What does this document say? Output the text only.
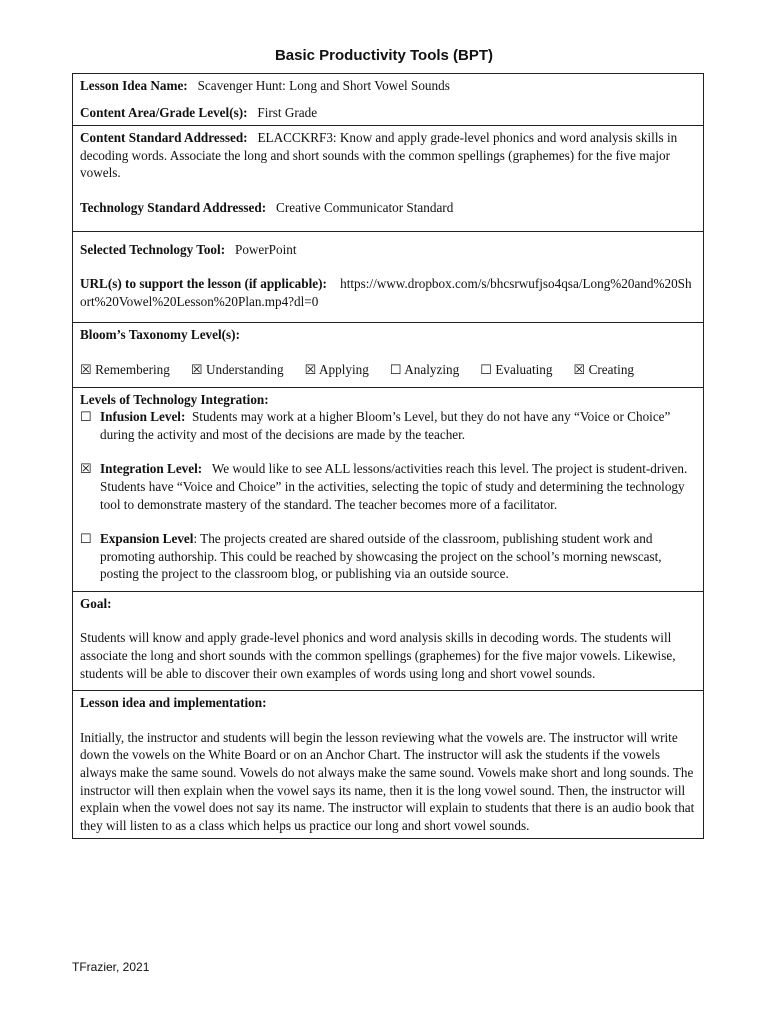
Basic Productivity Tools (BPT)

Lesson Idea Name: Scavenger Hunt: Long and Short Vowel Sounds

Content Area/Grade Level(s): First Grade

Content Standard Addressed: ELACCKRF3: Know and apply grade-level phonics and word analysis skills in decoding words. Associate the long and short sounds with the common spellings (graphemes) for the five major vowels.

Technology Standard Addressed: Creative Communicator Standard

Selected Technology Tool: PowerPoint

URL(s) to support the lesson (if applicable): https://www.dropbox.com/s/bhcsrwufjso4qsa/Long%20and%20Short%20Vowel%20Lesson%20Plan.mp4?dl=0

Bloom’s Taxonomy Level(s):

☒ Remembering ☒ Understanding ☒ Applying ☐ Analyzing ☐ Evaluating ☒ Creating

Levels of Technology Integration:

☐ Infusion Level: Students may work at a higher Bloom’s Level, but they do not have any “Voice or Choice” during the activity and most of the decisions are made by the teacher.
☒ Integration Level: We would like to see ALL lessons/activities reach this level. The project is student-driven. Students have “Voice and Choice” in the activities, selecting the topic of study and determining the technology tool to demonstrate mastery of the standard. The teacher becomes more of a facilitator.
☐ Expansion Level: The projects created are shared outside of the classroom, publishing student work and promoting authorship. This could be reached by showcasing the project on the school’s morning newscast, posting the project to the classroom blog, or publishing via an outside source.

Goal:

Students will know and apply grade-level phonics and word analysis skills in decoding words. The students will associate the long and short sounds with the common spellings (graphemes) for the five major vowels. Likewise, students will be able to discover their own examples of words using long and short vowel sounds.

Lesson idea and implementation:

Initially, the instructor and students will begin the lesson reviewing what the vowels are. The instructor will write down the vowels on the White Board or on an Anchor Chart. The instructor will ask the students if the vowels always make the same sound. Vowels do not always make the same sound. Vowels make short and long sounds. The instructor will then explain when the vowel says its name, then it is the long vowel sound. Then, the instructor will explain when the vowel does not say its name. The instructor will explain to students that there is an audio book that they will listen to as a class which helps us practice our long and short vowel sounds.

TFrazier, 2021
